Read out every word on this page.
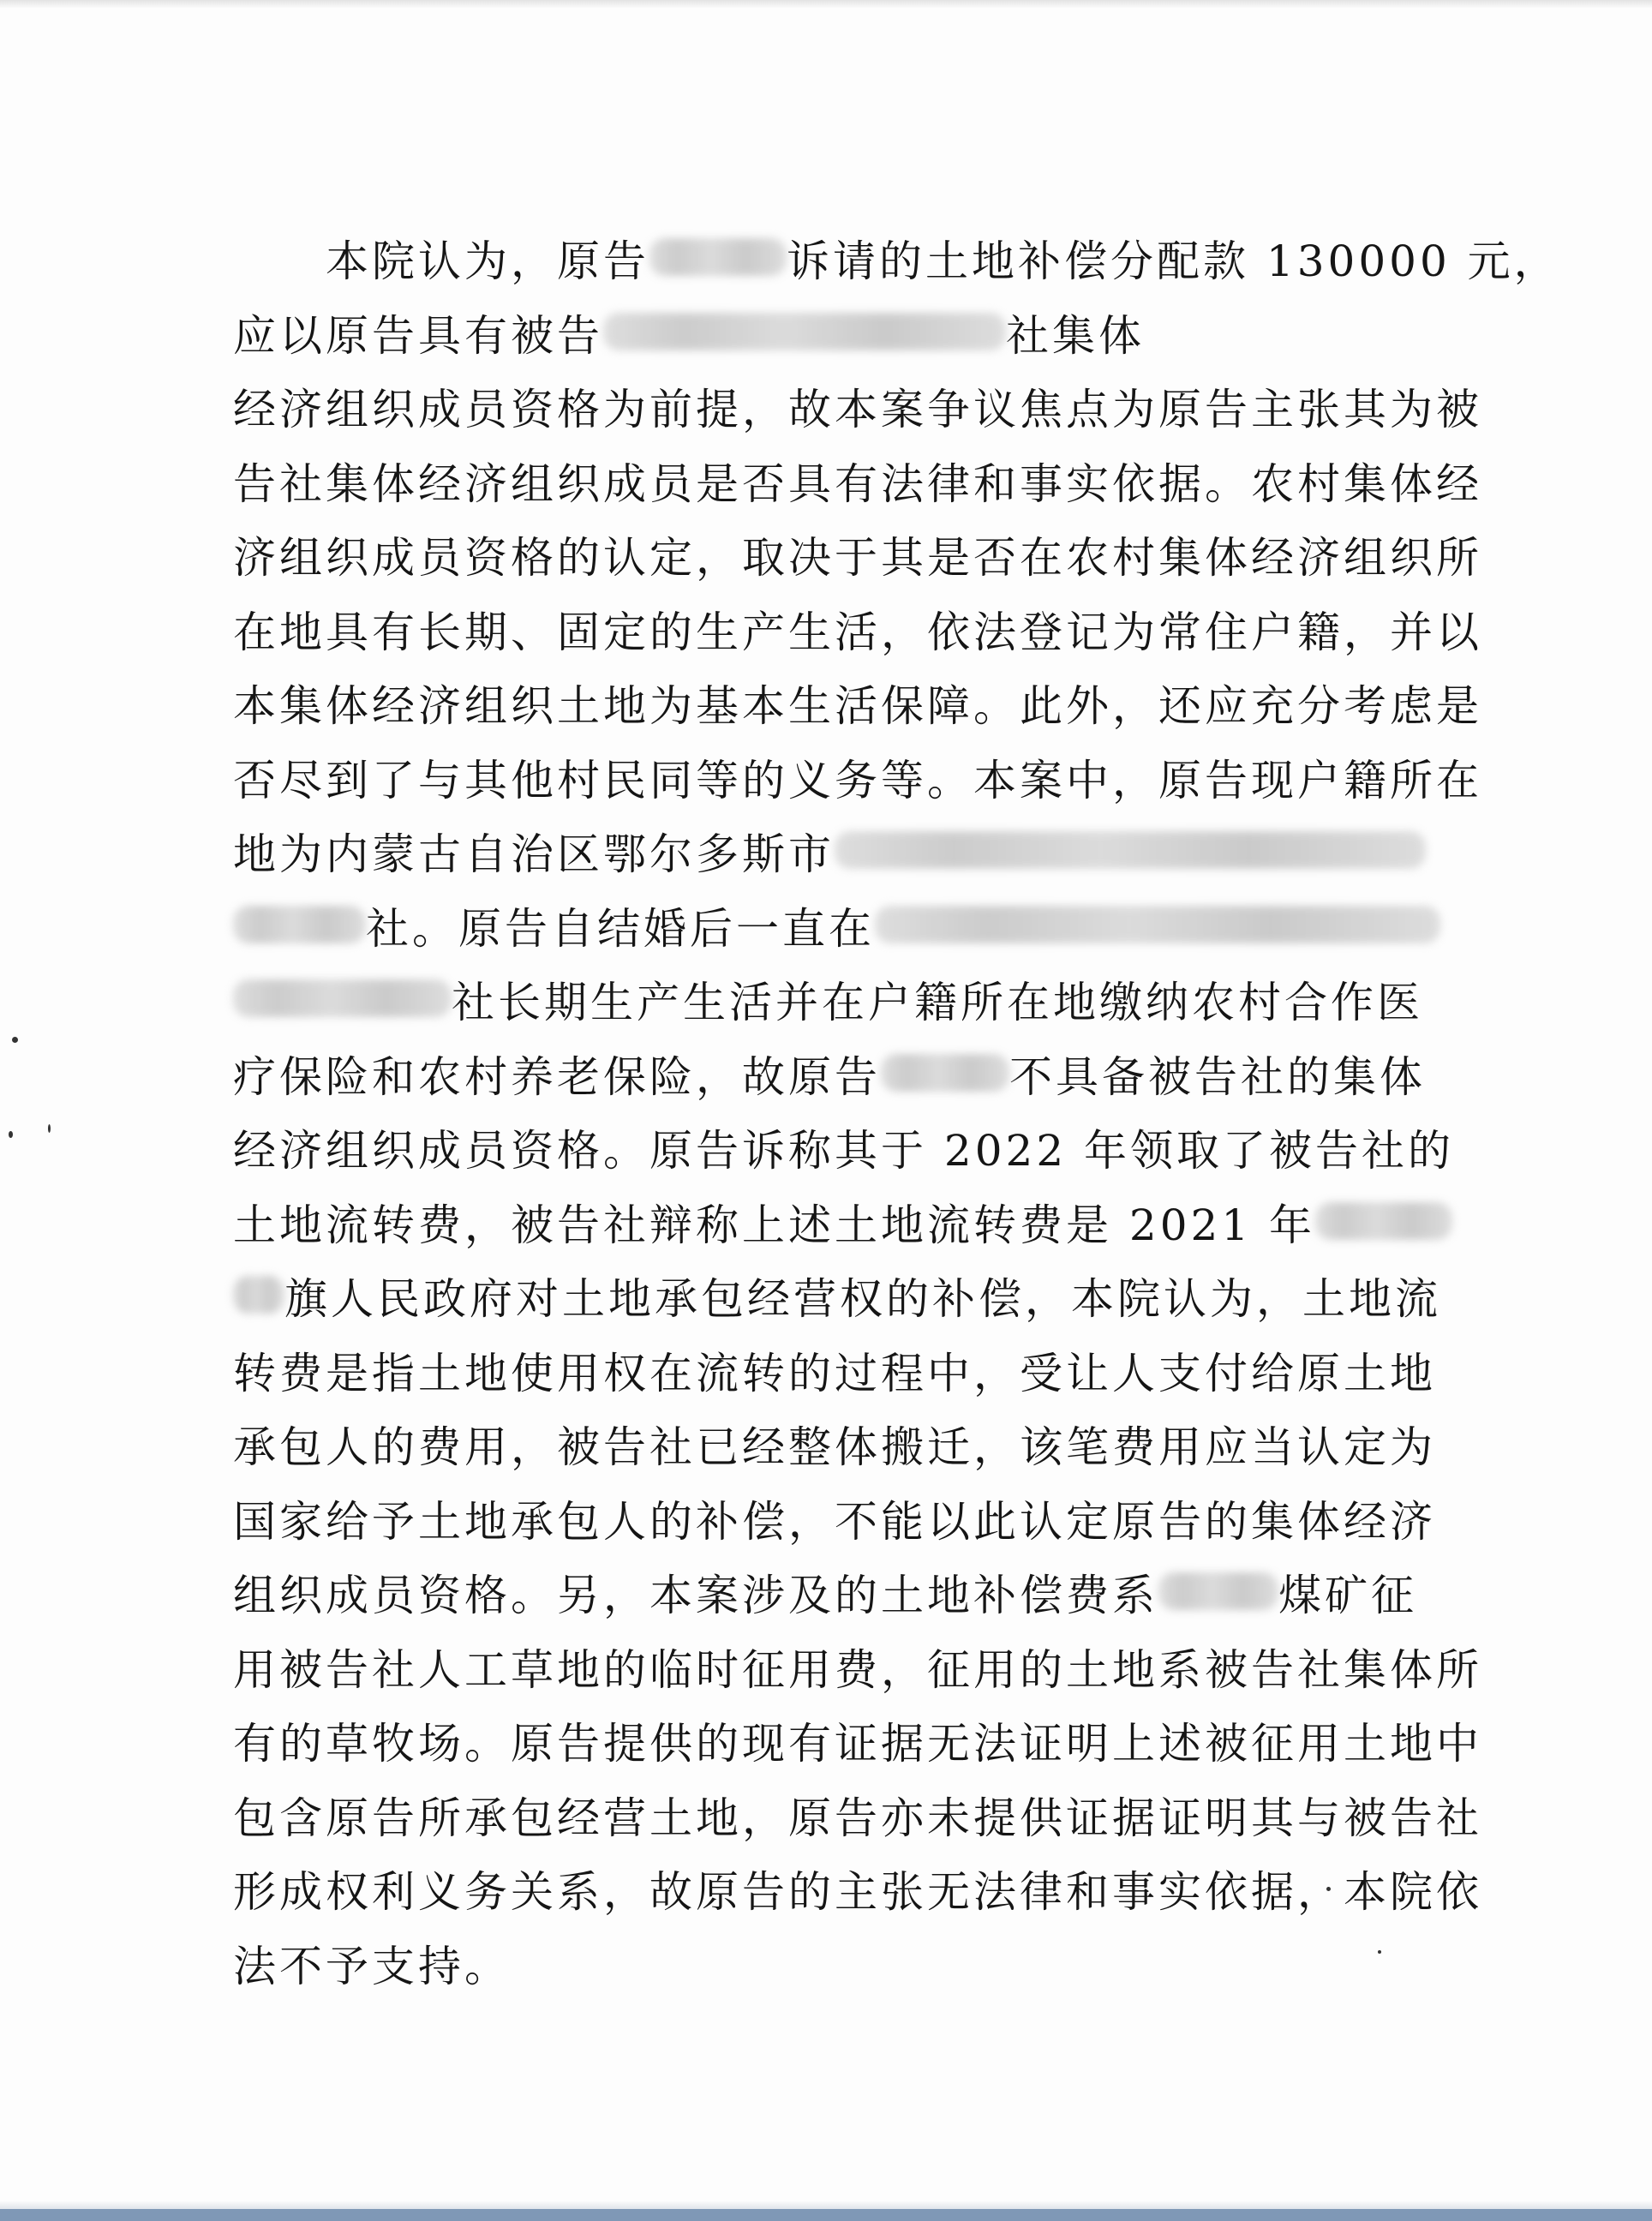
本院认为，原告	诉请的土地补偿分配款 130000 元，
应以原告具有被告	社集体
经济组织成员资格为前提，故本案争议焦点为原告主张其为被
告社集体经济组织成员是否具有法律和事实依据。农村集体经
济组织成员资格的认定，取决于其是否在农村集体经济组织所
在地具有长期、固定的生产生活，依法登记为常住户籍，并以
本集体经济组织土地为基本生活保障。此外，还应充分考虑是
否尽到了与其他村民同等的义务等。本案中，原告现户籍所在
地为内蒙古自治区鄂尔多斯市
社。原告自结婚后一直在
社长期生产生活并在户籍所在地缴纳农村合作医
疗保险和农村养老保险，故原告	不具备被告社的集体
经济组织成员资格。原告诉称其于 2022 年领取了被告社的
土地流转费，被告社辩称上述土地流转费是 2021 年
旗人民政府对土地承包经营权的补偿，本院认为，土地流
转费是指土地使用权在流转的过程中，受让人支付给原土地
承包人的费用，被告社已经整体搬迁，该笔费用应当认定为
国家给予土地承包人的补偿，不能以此认定原告的集体经济
组织成员资格。另，本案涉及的土地补偿费系	煤矿征
用被告社人工草地的临时征用费，征用的土地系被告社集体所
有的草牧场。原告提供的现有证据无法证明上述被征用土地中
包含原告所承包经营土地，原告亦未提供证据证明其与被告社
形成权利义务关系，故原告的主张无法律和事实依据，本院依
法不予支持。
